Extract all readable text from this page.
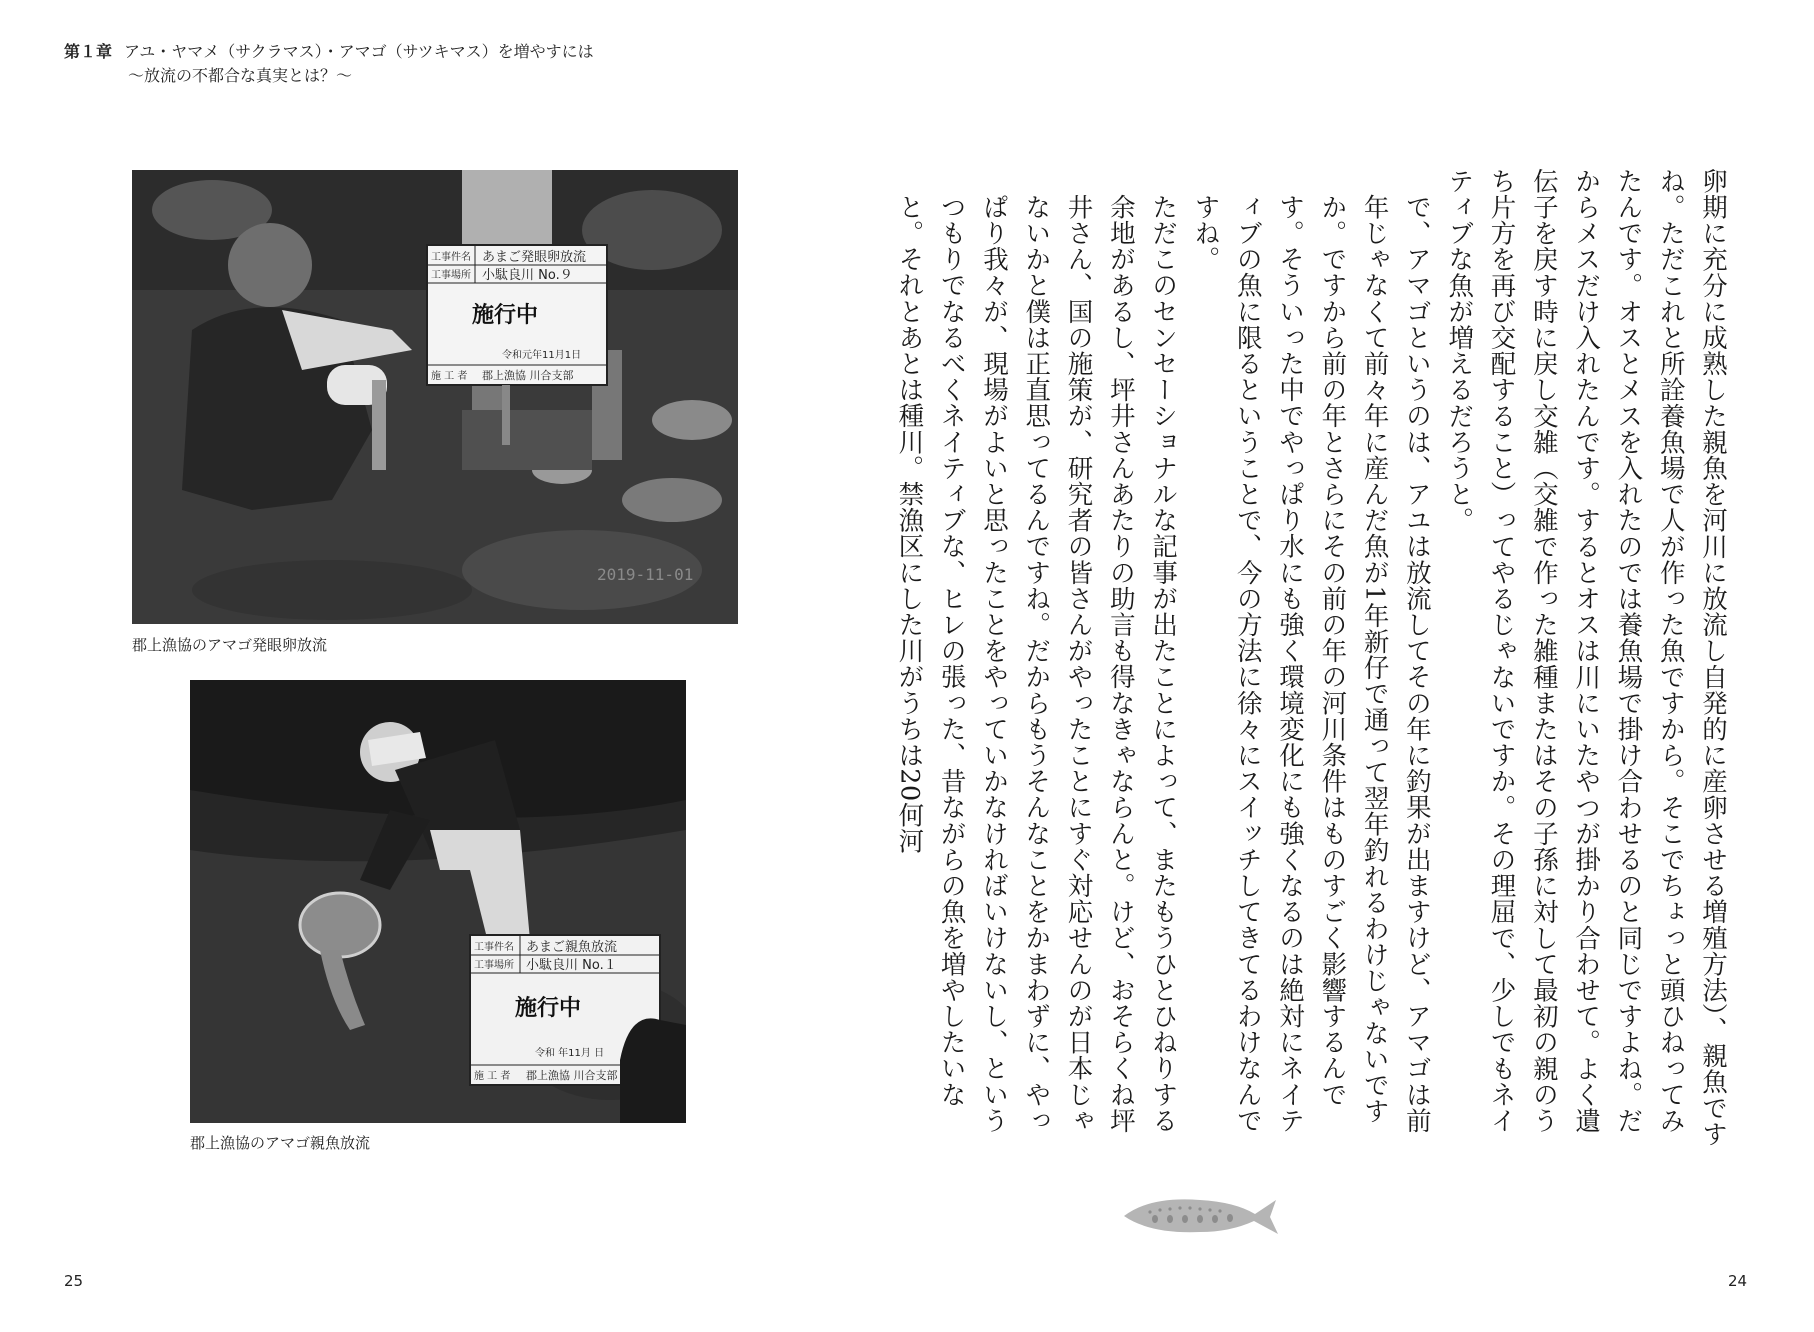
第１章 アユ・ヤマメ（サクラマス）・アマゴ（サツキマス）を増やすには
～放流の不都合な真実とは？～
工事件名 あまご発眼卵放流
工事場所 小駄良川 No.９
施行中
令和元年11月1日
施 工 者 郡上漁協 川合支部
2019-11-01
郡上漁協のアマゴ発眼卵放流
工事件名 あまご親魚放流
工事場所 小駄良川 No.１
施行中
令和 年11月 日
施 工 者 郡上漁協 川合支部
郡上漁協のアマゴ親魚放流	卵期に充分に成熟した親魚を河川に放流し自発的に産卵させる増殖方法）、親魚ですね。ただこれと所詮養魚場で人が作った魚ですから。そこでちょっと頭ひねってみたんです。オスとメスを入れたのでは養魚場で掛け合わせるのと同じですよね。だからメスだけ入れたんです。するとオスは川にいたやつが掛かり合わせて。よく遺伝子を戻す時に戻し交雑（交雑で作った雑種またはその子孫に対して最初の親のうち片方を再び交配すること）ってやるじゃないですか。その理屈で、少しでもネイティブな魚が増えるだろうと。

で、アマゴというのは、アユは放流してその年に釣果が出ますけど、アマゴは前年じゃなくて前々年に産んだ魚が1年新仔で通って翌年釣れるわけじゃないですか。ですから前の年とさらにその前の年の河川条件はものすごく影響するんです。そういった中でやっぱり水にも強く環境変化にも強くなるのは絶対にネイティブの魚に限るということで、今の方法に徐々にスイッチしてきてるわけなんですね。

ただこのセンセーショナルな記事が出たことによって、またもうひとひねりする余地があるし、坪井さんあたりの助言も得なきゃならんと。けど、おそらくね坪井さん、国の施策が、研究者の皆さんがやったことにすぐ対応せんのが日本じゃないかと僕は正直思ってるんですね。だからもうそんなことをかまわずに、やっぱり我々が、現場がよいと思ったことをやっていかなければいけないし、というつもりでなるべくネイティブな、ヒレの張った、昔ながらの魚を増やしたいなと。それとあとは種川。禁漁区にした川がうちは20何河

25	24
